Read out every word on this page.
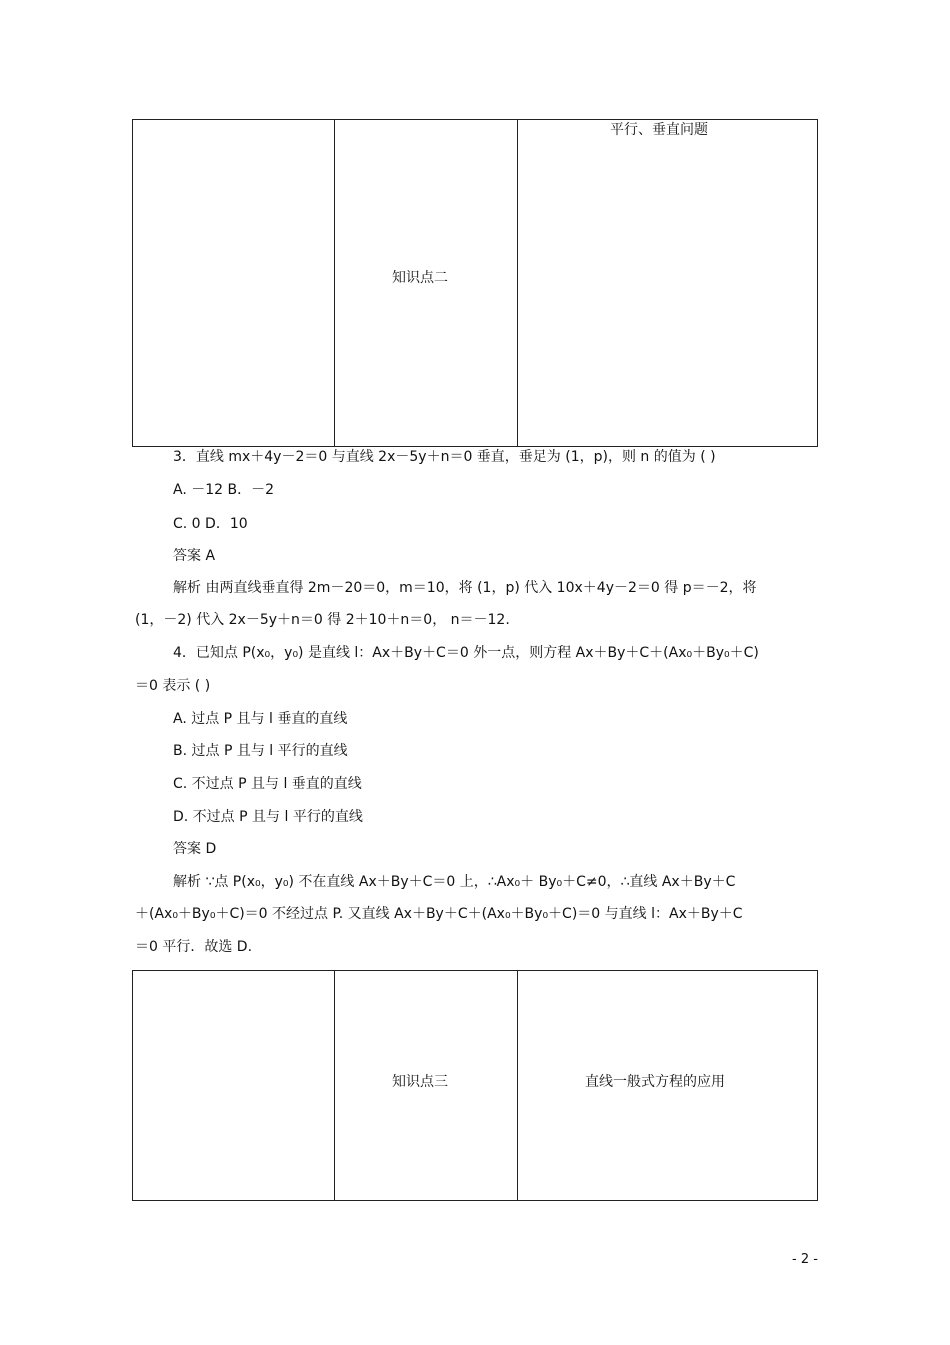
知识点二
平行、垂直问题
3．直线 mx＋4y－2＝0 与直线 2x－5y＋n＝0 垂直，垂足为 (1，p)，则 n 的值为 ( )
A. －12 B．－2
C. 0 D．10
答案 A
解析 由两直线垂直得 2m－20＝0，m＝10，将 (1，p) 代入 10x＋4y－2＝0 得 p＝－2，将
(1，－2) 代入 2x－5y＋n＝0 得 2＋10＋n＝0， n＝－12.
4．已知点 P(x₀，y₀) 是直线 l：Ax＋By＋C＝0 外一点，则方程 Ax＋By＋C＋(Ax₀＋By₀＋C)
＝0 表示 ( )
A. 过点 P 且与 l 垂直的直线
B. 过点 P 且与 l 平行的直线
C. 不过点 P 且与 l 垂直的直线
D. 不过点 P 且与 l 平行的直线
答案 D
解析 ∵点 P(x₀，y₀) 不在直线 Ax＋By＋C＝0 上，∴Ax₀＋ By₀＋C≠0，∴直线 Ax＋By＋C
＋(Ax₀＋By₀＋C)＝0 不经过点 P. 又直线 Ax＋By＋C＋(Ax₀＋By₀＋C)＝0 与直线 l：Ax＋By＋C
＝0 平行．故选 D.
知识点三	直线一般式方程的应用
- 2 -
